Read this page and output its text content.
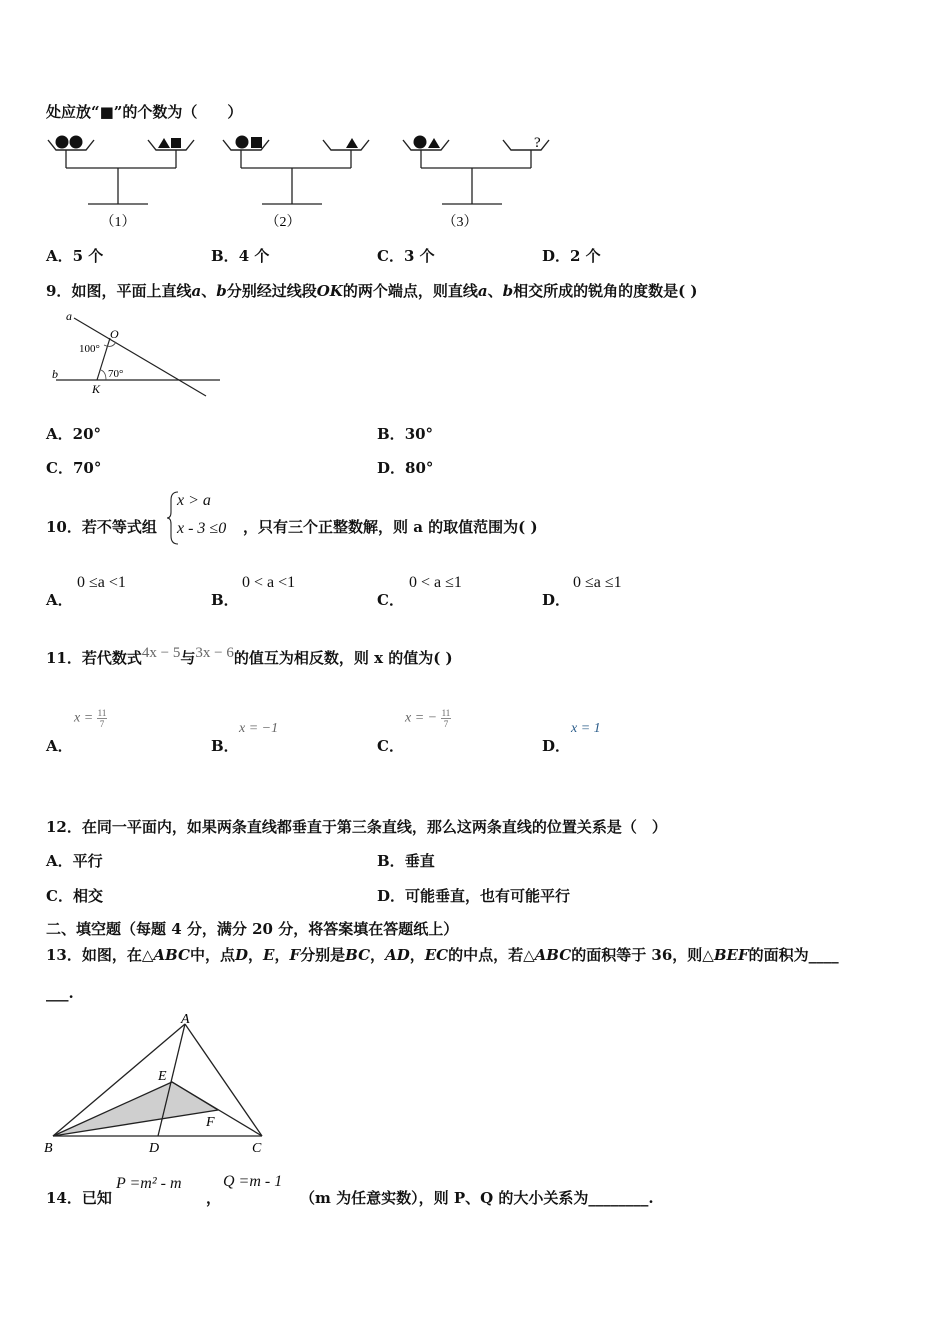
处应放“■”的个数为（　　）
（1）	（2）
?
（3）
A．5 个	B．4 个	C．3 个	D．2 个
9．如图，平面上直线a、b分别经过线段OK的两个端点，则直线a、b相交所成的锐角的度数是( )
a
O
100°
b	70°
K
A．20°	B．30°
C．70°	D．80°
10．若不等式组
x > a
x - 3 ≤0 ，只有三个正整数解，则 a 的取值范围为( )
A．
0 ≤a <1
B．
0 < a <1
C．
0 < a ≤1
D．
0 ≤a ≤1
11．若代数式4x − 5与3x − 6的值互为相反数，则 x 的值为( )
A．
$x = \frac{11}{7}$
B．
x = −1
C．
x = − $\frac{11}{7}$
D．
x = 1
12．在同一平面内，如果两条直线都垂直于第三条直线，那么这两条直线的位置关系是（　）
A．平行	B．垂直
C．相交	D．可能垂直，也有可能平行
二、填空题（每题 4 分，满分 20 分，将答案填在答题纸上）
13．如图，在△ABC中，点D，E，F分别是BC，AD，EC的中点，若△ABC的面积等于 36，则△BEF的面积为____
___.
A
E
F
B	D	C
14．已知
P =m² - m
，
Q =m - 1
（m 为任意实数），则 P、Q 的大小关系为________.
